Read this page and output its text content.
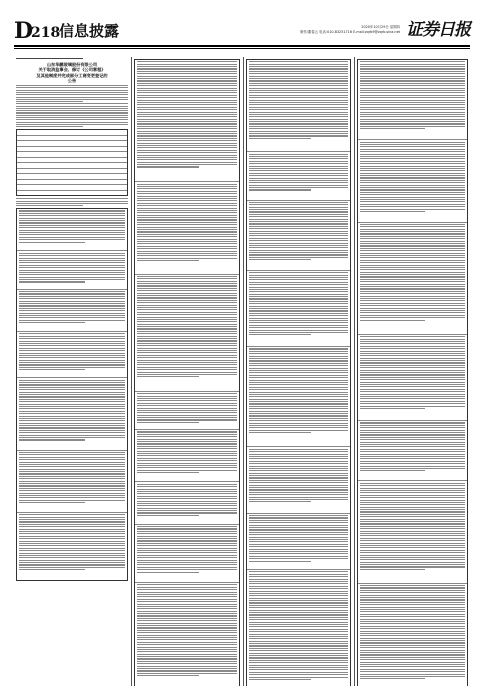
D
218
信息披露	2020年10月29日 星期四
制作/董春云 电话:010-83251716 E-mail:zqrb9@zqrb.sina.net 证券日报
山东华鹏玻璃股份有限公司
关于取消监事会、修订《公司章程》
及其他制度并完成部分工商变更登记的
公告
